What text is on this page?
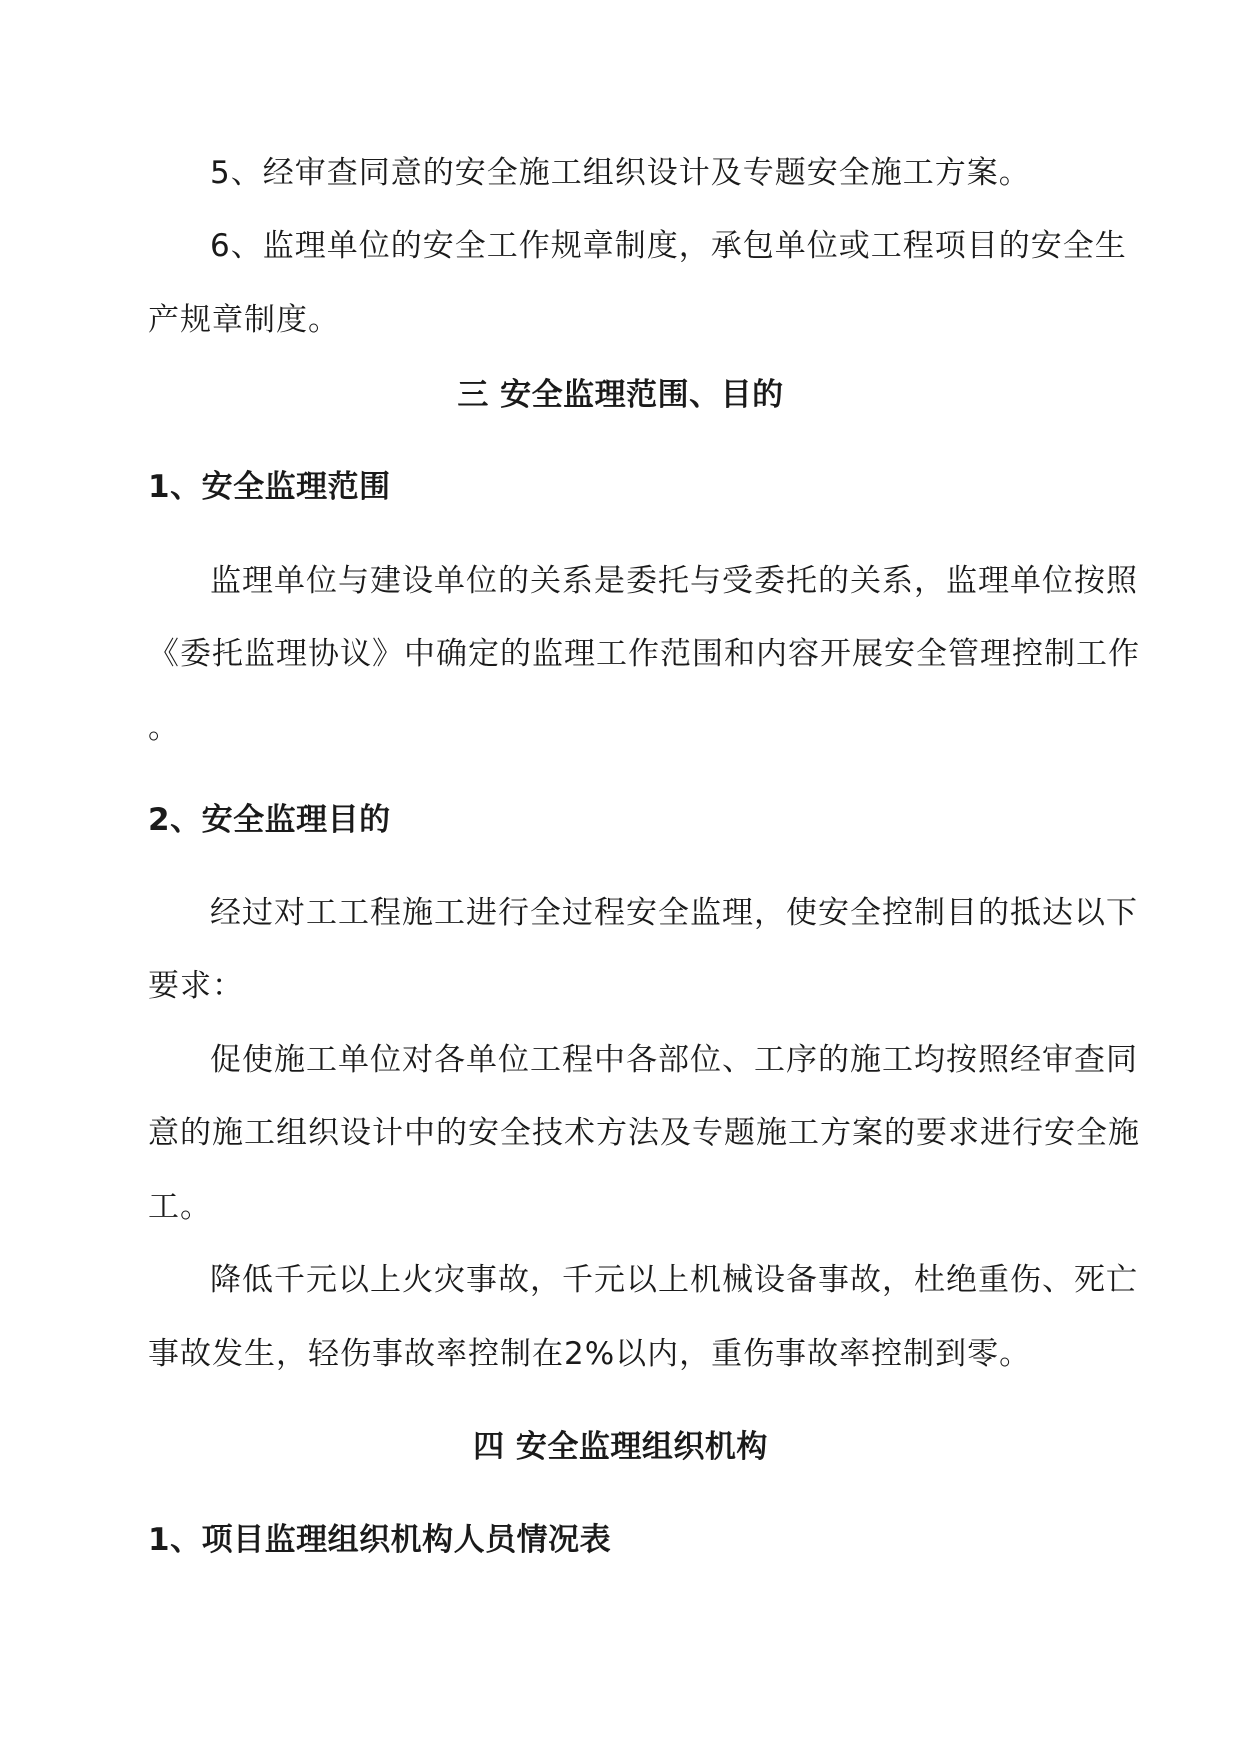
5、经审查同意的安全施工组织设计及专题安全施工方案。

6、监理单位的安全工作规章制度，承包单位或工程项目的安全生

产规章制度。

三 安全监理范围、目的
1、安全监理范围

监理单位与建设单位的关系是委托与受委托的关系，监理单位按照

《委托监理协议》中确定的监理工作范围和内容开展安全管理控制工作

。

2、安全监理目的

经过对工工程施工进行全过程安全监理，使安全控制目的抵达以下

要求：

促使施工单位对各单位工程中各部位、工序的施工均按照经审查同

意的施工组织设计中的安全技术方法及专题施工方案的要求进行安全施

工。

降低千元以上火灾事故，千元以上机械设备事故，杜绝重伤、死亡

事故发生，轻伤事故率控制在2%以内，重伤事故率控制到零。

四 安全监理组织机构
1、项目监理组织机构人员情况表
